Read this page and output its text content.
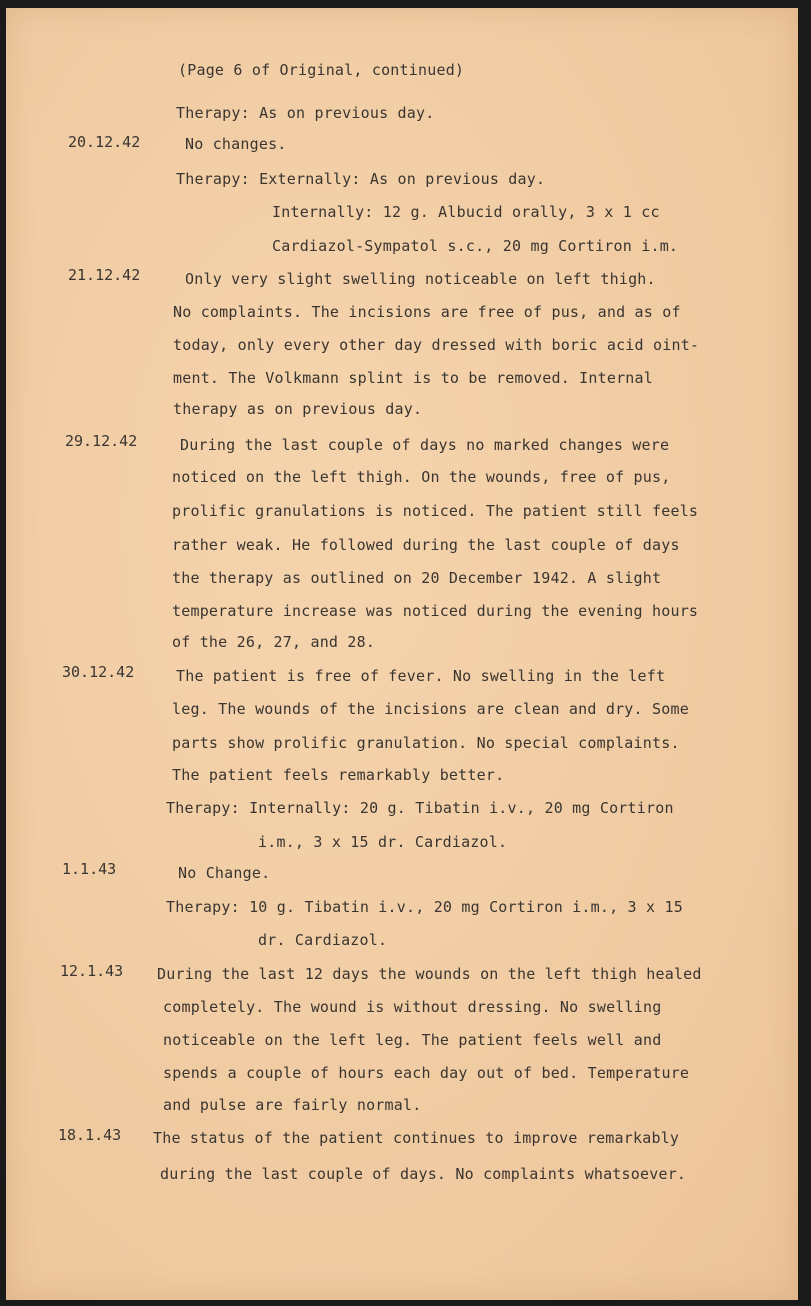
(Page 6 of Original, continued)
Therapy: As on previous day.
No changes.
Therapy: Externally: As on previous day.
Internally: 12 g. Albucid orally, 3 x 1 cc
Cardiazol-Sympatol s.c., 20 mg Cortiron i.m.
Only very slight swelling noticeable on left thigh.
No complaints. The incisions are free of pus, and as of
today, only every other day dressed with boric acid oint-
ment. The Volkmann splint is to be removed. Internal
therapy as on previous day.
During the last couple of days no marked changes were
noticed on the left thigh. On the wounds, free of pus,
prolific granulations is noticed. The patient still feels
rather weak. He followed during the last couple of days
the therapy as outlined on 20 December 1942. A slight
temperature increase was noticed during the evening hours
of the 26, 27, and 28.
The patient is free of fever. No swelling in the left
leg. The wounds of the incisions are clean and dry. Some
parts show prolific granulation. No special complaints.
The patient feels remarkably better.
Therapy: Internally: 20 g. Tibatin i.v., 20 mg Cortiron
i.m., 3 x 15 dr. Cardiazol.
No Change.
Therapy: 10 g. Tibatin i.v., 20 mg Cortiron i.m., 3 x 15
dr. Cardiazol.
During the last 12 days the wounds on the left thigh healed
completely. The wound is without dressing. No swelling
noticeable on the left leg. The patient feels well and
spends a couple of hours each day out of bed. Temperature
and pulse are fairly normal.
The status of the patient continues to improve remarkably
during the last couple of days. No complaints whatsoever.
20.12.42
21.12.42
29.12.42
30.12.42
1.1.43
12.1.43
18.1.43
